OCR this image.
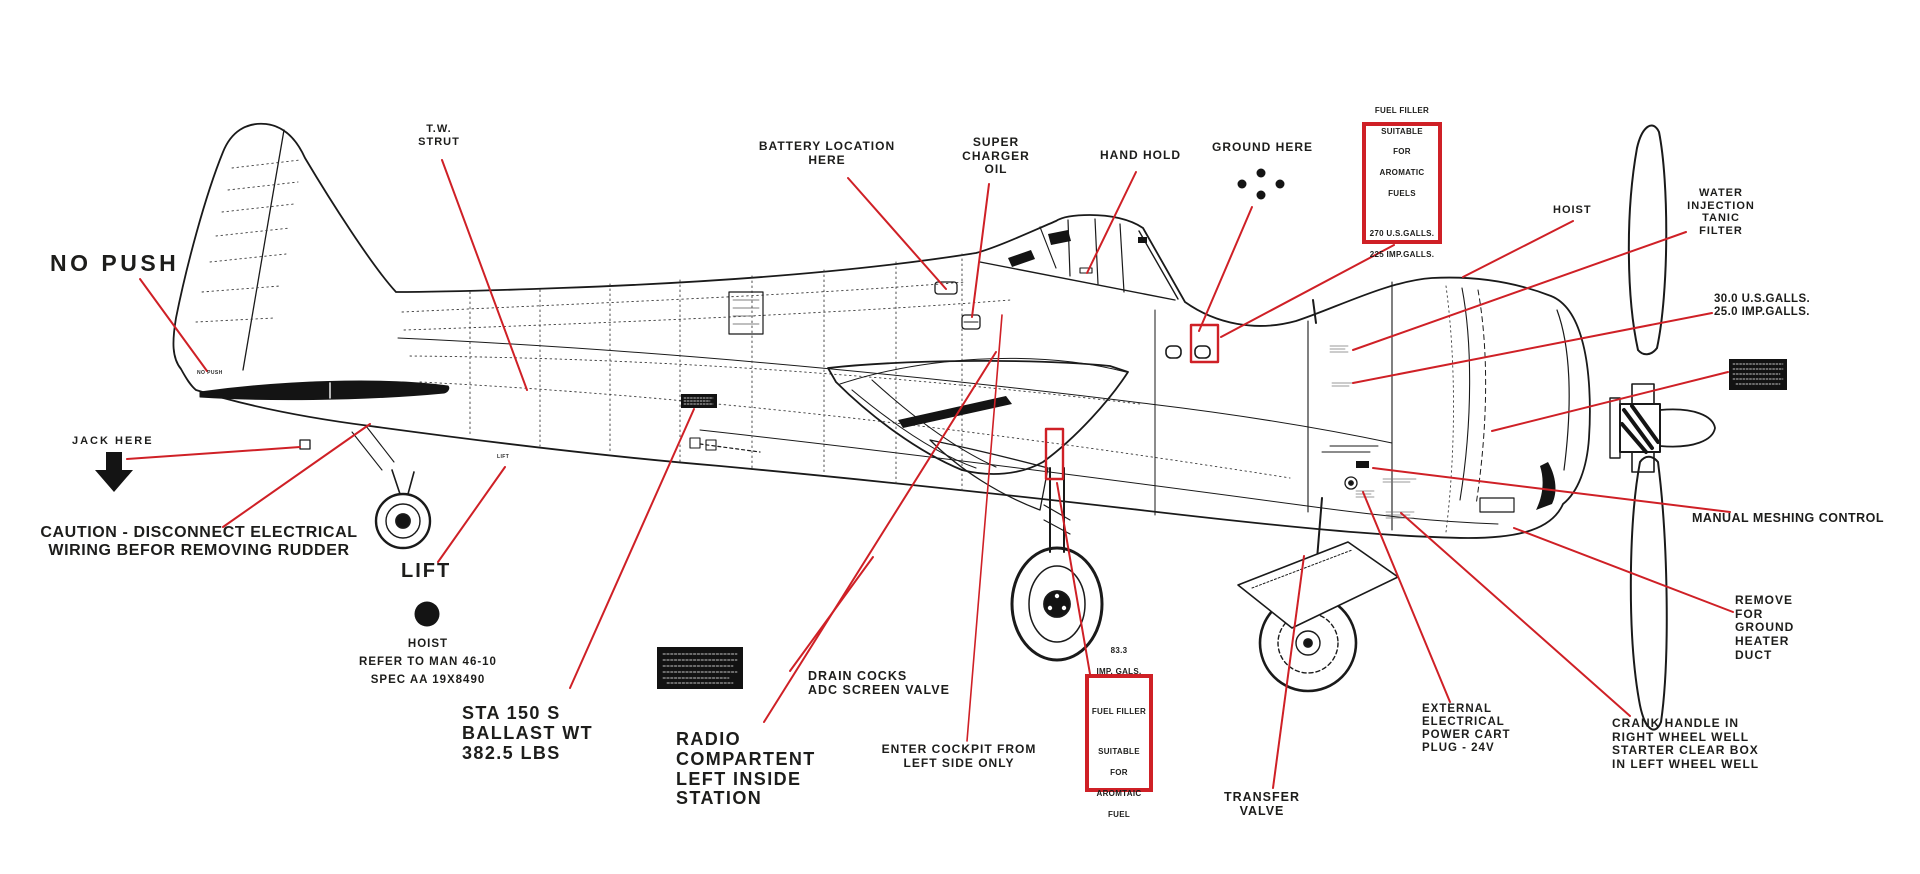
NO PUSH
JACK HERE
CAUTION - DISCONNECT ELECTRICAL
WIRING BEFOR REMOVING RUDDER
T.W.
STRUT
LIFT
HOIST
REFER TO MAN 46-10
SPEC AA 19X8490
STA 150 S
BALLAST WT
382.5 LBS
RADIO
COMPARTENT
LEFT INSIDE
STATION
BATTERY LOCATION
HERE
SUPER
CHARGER
OIL
HAND HOLD
GROUND HERE

FUEL FILLER

SUITABLE

FOR

AROMATIC

FUELS

270 U.S.GALLS.

225 IMP.GALLS.

HOIST
WATER
INJECTION
TANIC
FILTER
30.0 U.S.GALLS.
25.0 IMP.GALLS.
MANUAL MESHING CONTROL
REMOVE
FOR
GROUND
HEATER
DUCT
CRANK HANDLE IN
RIGHT WHEEL WELL
STARTER CLEAR BOX
IN LEFT WHEEL WELL
EXTERNAL
ELECTRICAL
POWER CART
PLUG - 24V
TRANSFER
VALVE

83.3

IMP. GALS.

FUEL FILLER

SUITABLE

FOR

AROMTAIC

FUEL

DRAIN COCKS
ADC SCREEN VALVE
ENTER COCKPIT FROM
LEFT SIDE ONLY
NO PUSH
LIFT
